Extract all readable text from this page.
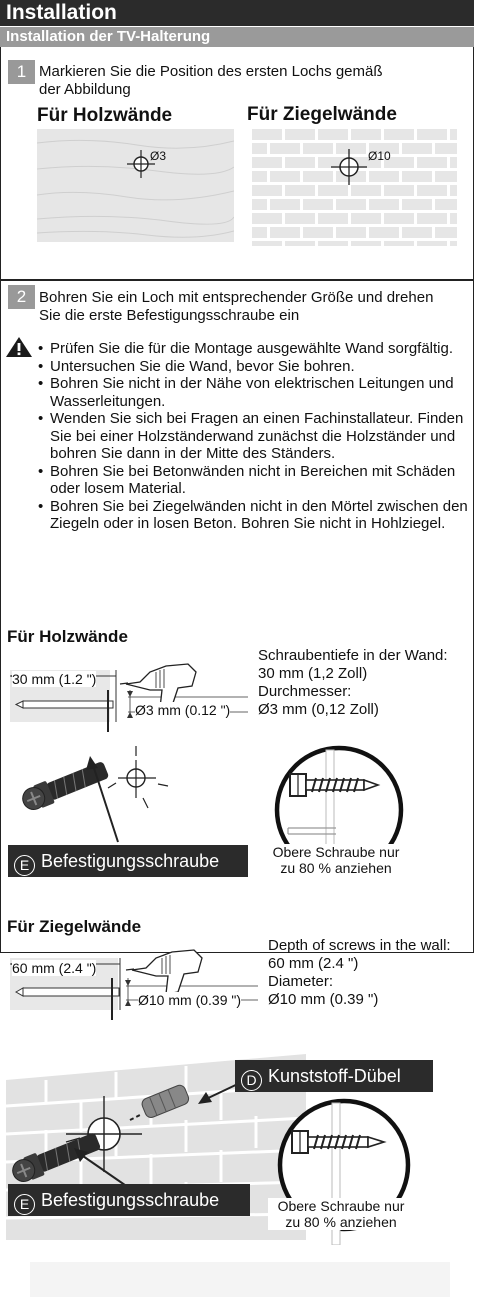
Installation
Installation der TV-Halterung
1 Markieren Sie die Position des ersten Lochs gemäß
der Abbildung
Für Holzwände	Für Ziegelwände
Ø3	Ø10
2 Bohren Sie ein Loch mit entsprechender Größe und drehen
Sie die erste Befestigungsschraube ein
• Prüfen Sie die für die Montage ausgewählte Wand sorgfältig.
• Untersuchen Sie die Wand, bevor Sie bohren.
• Bohren Sie nicht in der Nähe von elektrischen Leitungen und Wasserleitungen.
• Wenden Sie sich bei Fragen an einen Fachinstallateur. Finden Sie bei einer Holzständerwand zunächst die Holzständer und bohren Sie dann in der Mitte des Ständers.
• Bohren Sie bei Betonwänden nicht in Bereichen mit Schäden oder losem Material.
• Bohren Sie bei Ziegelwänden nicht in den Mörtel zwischen den Ziegeln oder in losen Beton. Bohren Sie nicht in Hohlziegel.
Für Holzwände
30 mm (1.2 ")
Ø3 mm (0.12 ")
Schraubentiefe in der Wand:
30 mm (1,2 Zoll)
Durchmesser:
Ø3 mm (0,12 Zoll)
E Befestigungsschraube	Obere Schraube nur
zu 80 % anziehen
Für Ziegelwände
60 mm (2.4 ")
Ø10 mm (0.39 ")
Depth of screws in the wall:
60 mm (2.4 ")
Diameter:
Ø10 mm (0.39 ")
D Kunststoff-Dübel
E Befestigungsschraube	Obere Schraube nur
zu 80 % anziehen
